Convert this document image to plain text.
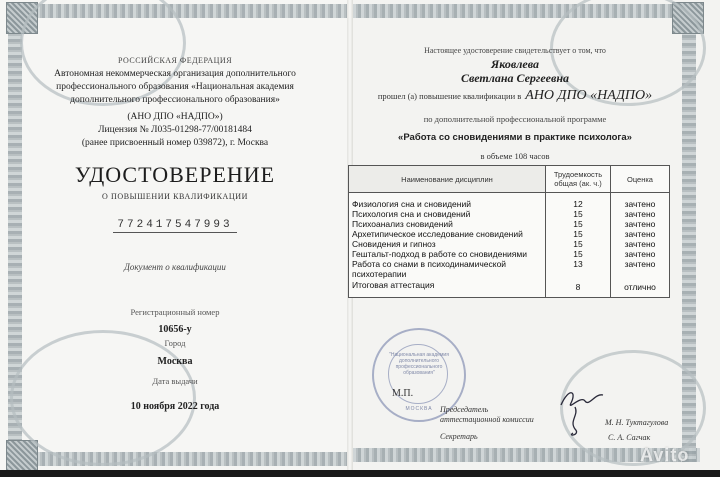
РОССИЙСКАЯ ФЕДЕРАЦИЯ
Автономная некоммерческая организация дополнительного
профессионального образования «Национальная академия
дополнительного профессионального образования»
(АНО ДПО «НАДПО»)
Лицензия № Л035-01298-77/00181484
(ранее присвоенный номер 039872), г. Москва
УДОСТОВЕРЕНИЕ
О ПОВЫШЕНИИ КВАЛИФИКАЦИИ
772417547993
Документ о квалификации
Регистрационный номер
10656-у
Город
Москва
Дата выдачи
10 ноября 2022 года
Настоящее удостоверение свидетельствует о том, что
Яковлева
Светлана Сергеевна
прошел (а) повышение квалификации в АНО ДПО «НАДПО»
по дополнительной профессиональной программе
«Работа со сновидениями в практике психолога»
в объеме 108 часов
Наименование дисциплин	Трудоемкость общая (ак. ч.)	Оценка

Физиология сна и сновидений	12	зачтено
Психология сна и сновидений	15	зачтено
Психоанализ сновидений	15	зачтено
Архетипическое исследование сновидений	15	зачтено
Сновидения и гипноз	15	зачтено
Гештальт-подход в работе со сновидениями	15	зачтено
Работа со снами в психодинамической психотерапии	13	зачтено
Итоговая аттестация	8	отлично

"Национальная академия дополнительного профессионального образования"
МОСКВА
М.П.
Председатель
аттестационной комиссии
Секретарь
М. Н. Туктагулова
С. А. Сагчак
Avito
